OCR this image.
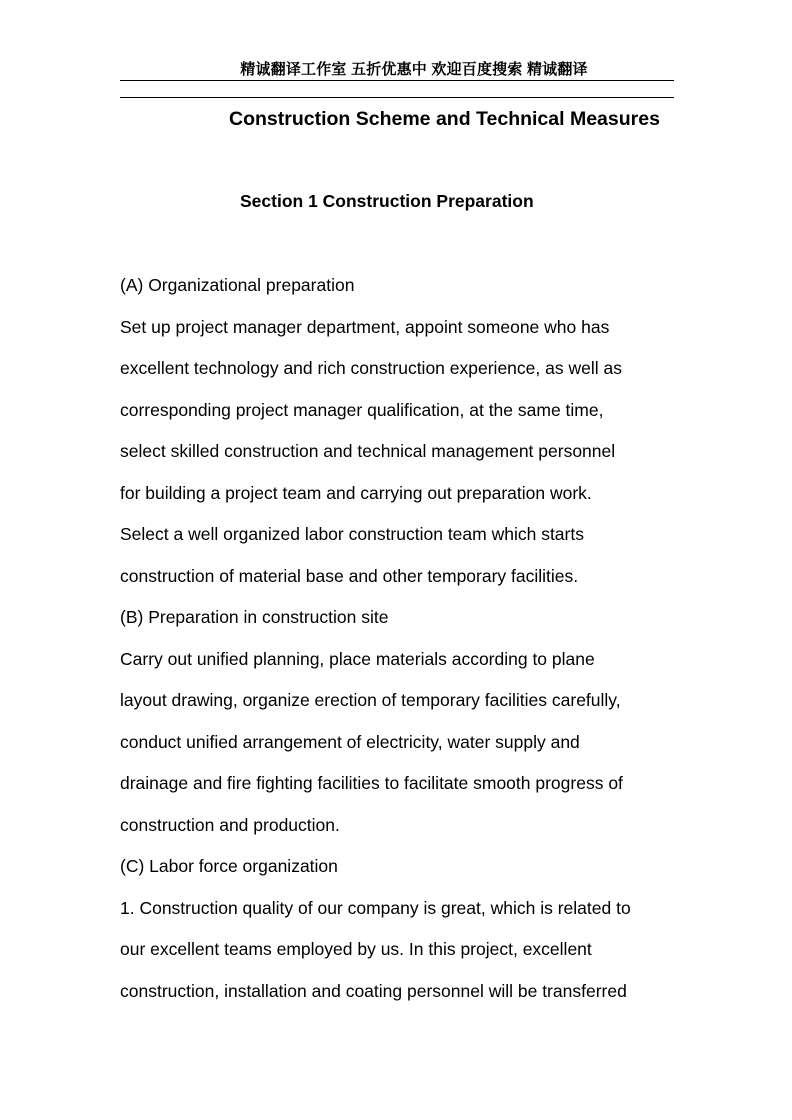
精诚翻译工作室 五折优惠中 欢迎百度搜索 精诚翻译
Construction Scheme and Technical Measures
Section 1 Construction Preparation
(A) Organizational preparation
Set up project manager department, appoint someone who has
excellent technology and rich construction experience, as well as
corresponding project manager qualification, at the same time,
select skilled construction and technical management personnel
for building a project team and carrying out preparation work.
Select a well organized labor construction team which starts
construction of material base and other temporary facilities.
(B) Preparation in construction site
Carry out unified planning, place materials according to plane
layout drawing, organize erection of temporary facilities carefully,
conduct unified arrangement of electricity, water supply and
drainage and fire fighting facilities to facilitate smooth progress of
construction and production.
(C) Labor force organization
1. Construction quality of our company is great, which is related to
our excellent teams employed by us. In this project, excellent
construction, installation and coating personnel will be transferred
